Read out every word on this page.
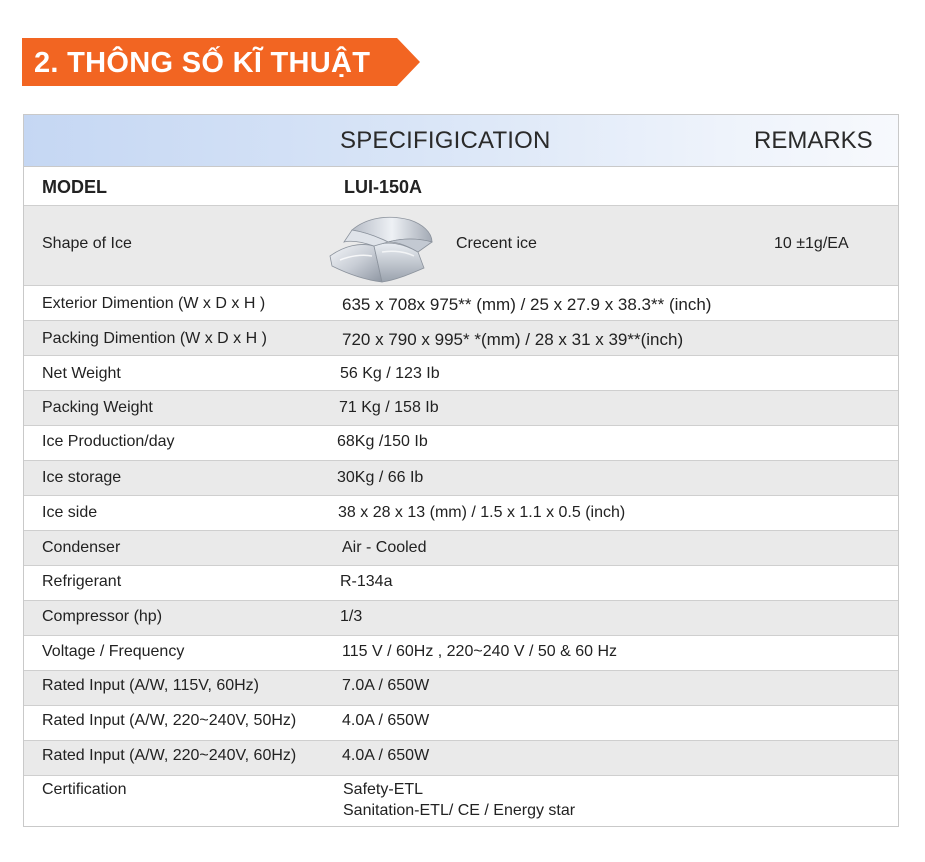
2. THÔNG SỐ KĨ THUẬT
SPECIFIGICATION	REMARKS
MODEL	LUI-150A
Shape of Ice	Crecent ice	10 ±1g/EA
Exterior Dimention (W x D x H )	635 x 708x 975** (mm) / 25 x 27.9 x 38.3** (inch)
Packing Dimention (W x D x H )	720 x 790 x 995* *(mm) / 28 x 31 x 39**(inch)
Net Weight	56 Kg / 123 Ib
Packing Weight	71 Kg / 158 Ib
Ice Production/day	68Kg /150 Ib
Ice storage	30Kg / 66 Ib
Ice side	38 x 28 x 13 (mm) / 1.5 x 1.1 x 0.5 (inch)
Condenser	Air - Cooled
Refrigerant	R-134a
Compressor (hp)	1/3
Voltage / Frequency	115 V / 60Hz , 220~240 V / 50 & 60 Hz
Rated Input (A/W, 115V, 60Hz)	7.0A / 650W
Rated Input (A/W, 220~240V, 50Hz)	4.0A / 650W
Rated Input (A/W, 220~240V, 60Hz)	4.0A / 650W
Certification	Safety-ETL
Sanitation-ETL/ CE / Energy star
